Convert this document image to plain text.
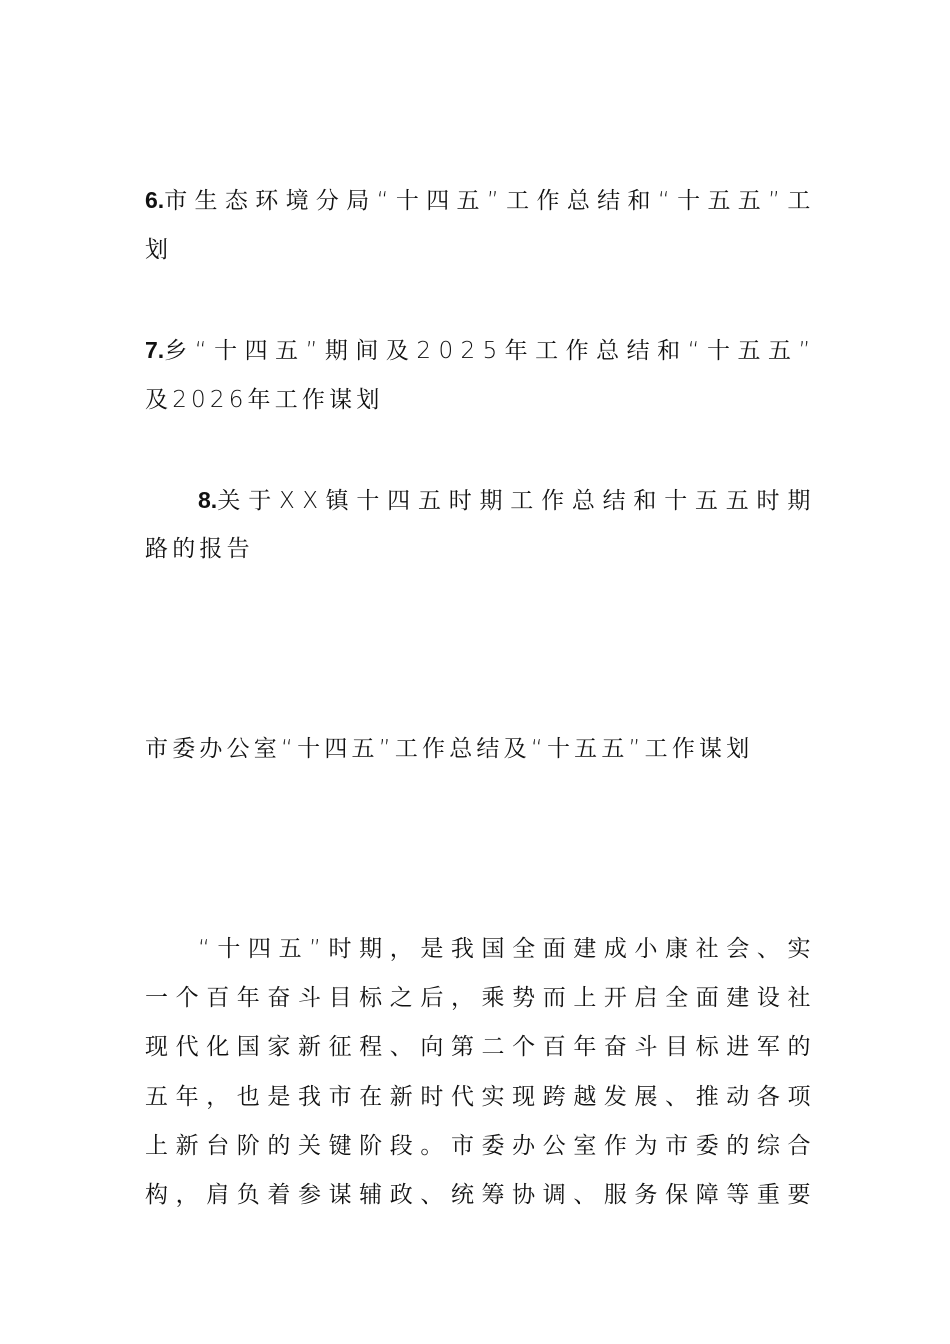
6.市 生 态 环 境 分 局 “ 十 四 五 ” 工 作 总 结 和 “ 十 五 五 ” 工
划
7.乡 “ 十 四 五 ” 期 间 及 2 0 2 5 年 工 作 总 结 和 “ 十 五 五 ”
及2026年工作谋划
8.关 于 X X 镇 十 四 五 时 期 工 作 总 结 和 十 五 五 时 期
路的报告
市委办公室“十四五”工作总结及“十五五”工作谋划
“ 十 四 五 ” 时 期 ， 是 我 国 全 面 建 成 小 康 社 会 、 实
一 个 百 年 奋 斗 目 标 之 后 ， 乘 势 而 上 开 启 全 面 建 设 社
现 代 化 国 家 新 征 程 、 向 第 二 个 百 年 奋 斗 目 标 进 军 的
五 年 ， 也 是 我 市 在 新 时 代 实 现 跨 越 发 展 、 推 动 各 项
上 新 台 阶 的 关 键 阶 段 。 市 委 办 公 室 作 为 市 委 的 综 合
构 ， 肩 负 着 参 谋 辅 政 、 统 筹 协 调 、 服 务 保 障 等 重 要
